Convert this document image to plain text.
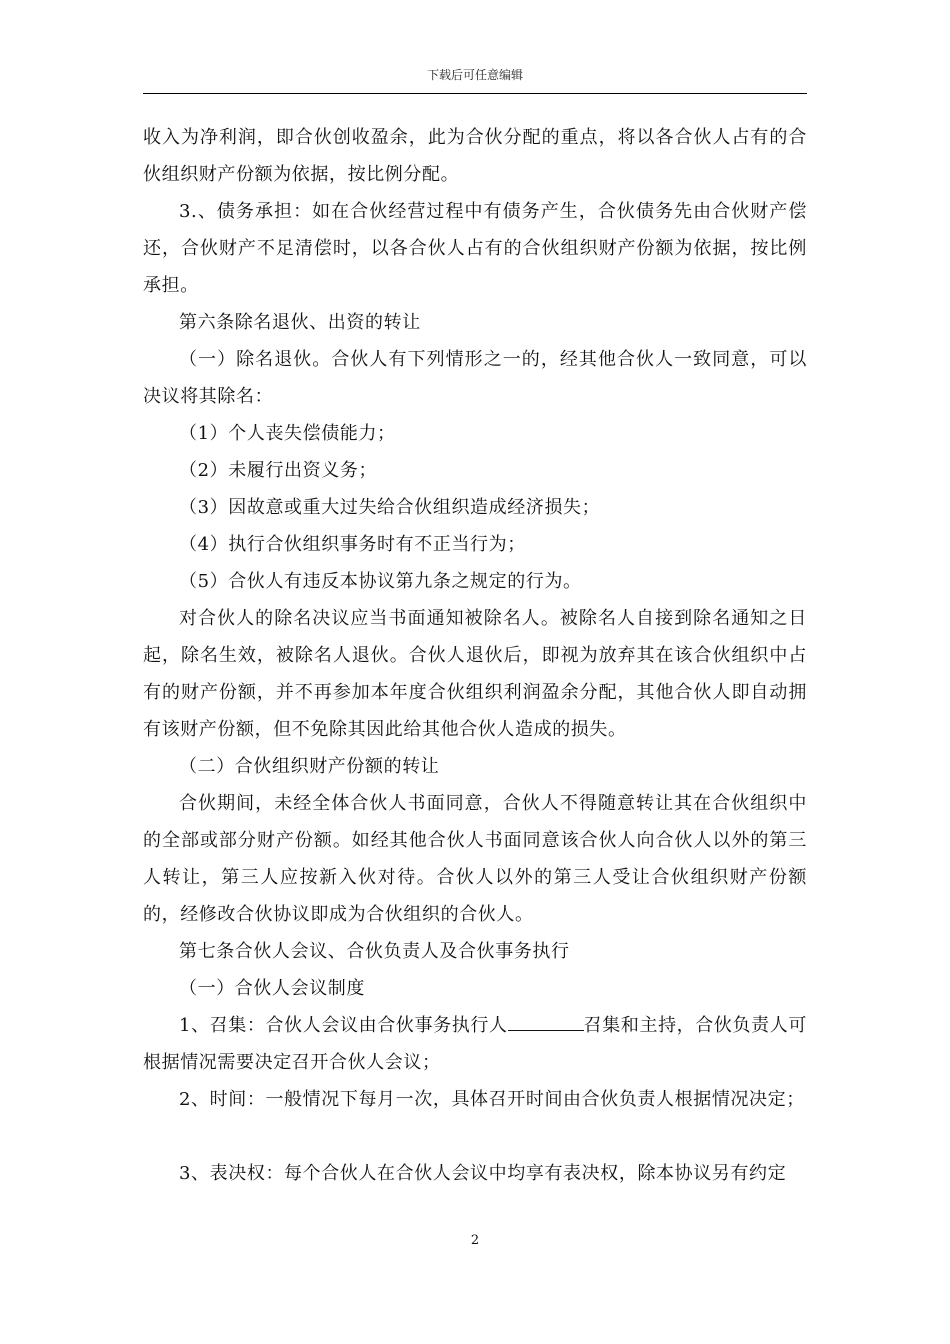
下载后可任意编辑

收入为净利润，即合伙创收盈余，此为合伙分配的重点，将以各合伙人占有的合伙组织财产份额为依据，按比例分配。

3.、债务承担：如在合伙经营过程中有债务产生，合伙债务先由合伙财产偿还，合伙财产不足清偿时，以各合伙人占有的合伙组织财产份额为依据，按比例承担。

第六条除名退伙、出资的转让

（一）除名退伙。合伙人有下列情形之一的，经其他合伙人一致同意，可以决议将其除名：

（1）个人丧失偿债能力；

（2）未履行出资义务；

（3）因故意或重大过失给合伙组织造成经济损失；

（4）执行合伙组织事务时有不正当行为；

（5）合伙人有违反本协议第九条之规定的行为。

对合伙人的除名决议应当书面通知被除名人。被除名人自接到除名通知之日起，除名生效，被除名人退伙。合伙人退伙后，即视为放弃其在该合伙组织中占有的财产份额，并不再参加本年度合伙组织利润盈余分配，其他合伙人即自动拥有该财产份额，但不免除其因此给其他合伙人造成的损失。

（二）合伙组织财产份额的转让

合伙期间，未经全体合伙人书面同意，合伙人不得随意转让其在合伙组织中的全部或部分财产份额。如经其他合伙人书面同意该合伙人向合伙人以外的第三人转让，第三人应按新入伙对待。合伙人以外的第三人受让合伙组织财产份额的，经修改合伙协议即成为合伙组织的合伙人。

第七条合伙人会议、合伙负责人及合伙事务执行

（一）合伙人会议制度

1、召集：合伙人会议由合伙事务执行人	召集和主持，合伙负责人可根据情况需要决定召开合伙人会议；

2、时间：一般情况下每月一次，具体召开时间由合伙负责人根据情况决定；

3、表决权：每个合伙人在合伙人会议中均享有表决权，除本协议另有约定

2
